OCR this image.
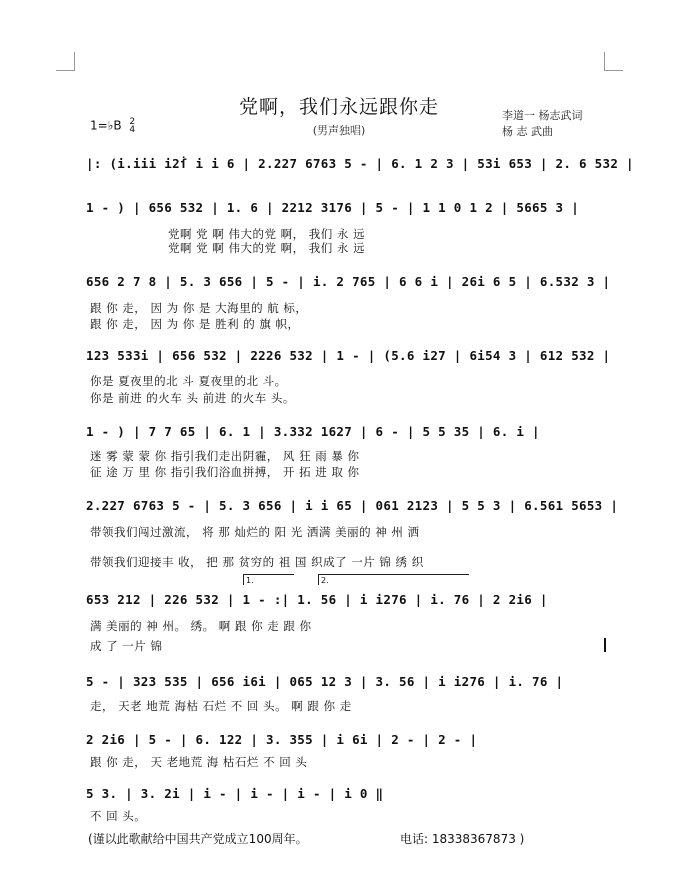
党啊，我们永远跟你走
(男声独唱)
1=♭B 2
4
李道一 杨志武词
杨 志 武曲
|: (i.iii i2ẛ i i 6 | 2.227 6763 5 - | 6. 1 2 3 | 53i 653 | 2. 6 532 |
1 - ) | 656 532 | 1. 6 | 2212 3176 | 5 - | 1 1 0 1 2 | 5665 3 |
党啊 党 啊 伟大的党 啊， 我们 永 远
党啊 党 啊 伟大的党 啊， 我们 永 远
656 2 7 8 | 5. 3 656 | 5 - | i. 2 765 | 6 6 i | 26i 6 5 | 6.532 3 |
跟 你 走， 因 为 你 是 大海里的 航 标，
跟 你 走， 因 为 你 是 胜利 的 旗 帜，
123 533i | 656 532 | 2226 532 | 1 - | (5.6 i27 | 6i54 3 | 612 532 |
你是 夏夜里的北 斗 夏夜里的北 斗。
你是 前进 的火车 头 前进 的火车 头。
1 - ) | 7 7 65 | 6. 1 | 3.332 1627 | 6 - | 5 5 35 | 6. i |
迷 雾 蒙 蒙 你 指引我们走出阴霾， 风 狂 雨 暴 你
征 途 万 里 你 指引我们浴血拼搏， 开 拓 进 取 你
2.227 6763 5 - | 5. 3 656 | i i 65 | 061 2123 | 5 5 3 | 6.561 5653 |
带领我们闯过激流， 将 那 灿烂的 阳 光 洒满 美丽的 神 州 洒
带领我们迎接丰 收， 把 那 贫穷的 祖 国 织成了 一片 锦 绣 织
1.	2.
653 212 | 226 532 | 1 - :| 1. 56 | i i276 | i. 76 | 2 2i6 |
满 美丽的 神 州。 绣。 啊 跟 你 走 跟 你
成 了 一片 锦
5 - | 323 535 | 656 i6i | 065 12 3 | 3. 56 | i i276 | i. 76 |
走， 天老 地荒 海枯 石烂 不 回 头。 啊 跟 你 走
2 2i6 | 5 - | 6. 122 | 3. 355 | i 6i | 2 - | 2 - |
跟 你 走， 天 老地荒 海 枯石烂 不 回 头
5 3. | 3. 2i | i - | i - | i - | i 0 ‖
不 回 头。
(谨以此歌献给中国共产党成立100周年。	电话: 18338367873 )
